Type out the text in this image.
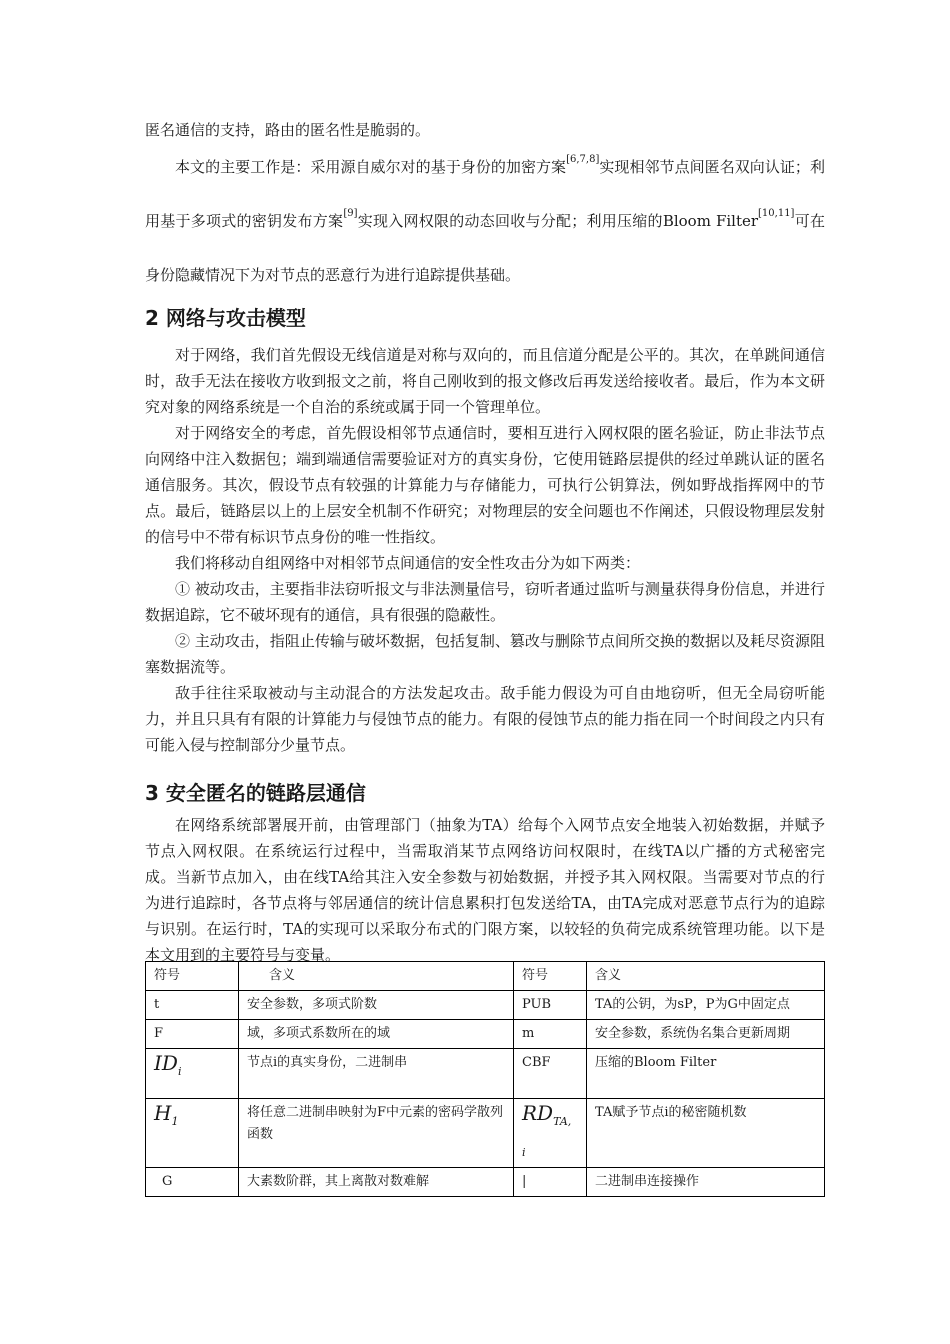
匿名通信的支持，路由的匿名性是脆弱的。

本文的主要工作是：采用源自威尔对的基于身份的加密方案[6,7,8]实现相邻节点间匿名双向认证；利用基于多项式的密钥发布方案[9]实现入网权限的动态回收与分配；利用压缩的Bloom Filter[10,11]可在身份隐藏情况下为对节点的恶意行为进行追踪提供基础。

2 网络与攻击模型

对于网络，我们首先假设无线信道是对称与双向的，而且信道分配是公平的。其次，在单跳间通信时，敌手无法在接收方收到报文之前，将自己刚收到的报文修改后再发送给接收者。最后，作为本文研究对象的网络系统是一个自治的系统或属于同一个管理单位。

对于网络安全的考虑，首先假设相邻节点通信时，要相互进行入网权限的匿名验证，防止非法节点向网络中注入数据包；端到端通信需要验证对方的真实身份，它使用链路层提供的经过单跳认证的匿名通信服务。其次，假设节点有较强的计算能力与存储能力，可执行公钥算法，例如野战指挥网中的节点。最后，链路层以上的上层安全机制不作研究；对物理层的安全问题也不作阐述，只假设物理层发射的信号中不带有标识节点身份的唯一性指纹。

我们将移动自组网络中对相邻节点间通信的安全性攻击分为如下两类：

① 被动攻击，主要指非法窃听报文与非法测量信号，窃听者通过监听与测量获得身份信息，并进行数据追踪，它不破坏现有的通信，具有很强的隐蔽性。

② 主动攻击，指阻止传输与破坏数据，包括复制、篡改与删除节点间所交换的数据以及耗尽资源阻塞数据流等。

敌手往往采取被动与主动混合的方法发起攻击。敌手能力假设为可自由地窃听，但无全局窃听能力，并且只具有有限的计算能力与侵蚀节点的能力。有限的侵蚀节点的能力指在同一个时间段之内只有可能入侵与控制部分少量节点。

3 安全匿名的链路层通信

在网络系统部署展开前，由管理部门（抽象为TA）给每个入网节点安全地装入初始数据，并赋予节点入网权限。在系统运行过程中，当需取消某节点网络访问权限时，在线TA以广播的方式秘密完成。当新节点加入，由在线TA给其注入安全参数与初始数据，并授予其入网权限。当需要对节点的行为进行追踪时，各节点将与邻居通信的统计信息累积打包发送给TA，由TA完成对恶意节点行为的追踪与识别。在运行时，TA的实现可以采取分布式的门限方案，以较轻的负荷完成系统管理功能。以下是本文用到的主要符号与变量。

符号	含义	符号	含义
t	安全参数，多项式阶数	PUB	TA的公钥，为sP，P为G中固定点
F	域，多项式系数所在的域	m	安全参数，系统伪名集合更新周期
$ID_i$	节点i的真实身份，二进制串	CBF	压缩的Bloom Filter
$H_1$	将任意二进制串映射为F中元素的密码学散列函数	$RD_{TA, i}$	TA赋予节点i的秘密随机数
G	大素数阶群，其上离散对数难解	|	二进制串连接操作
